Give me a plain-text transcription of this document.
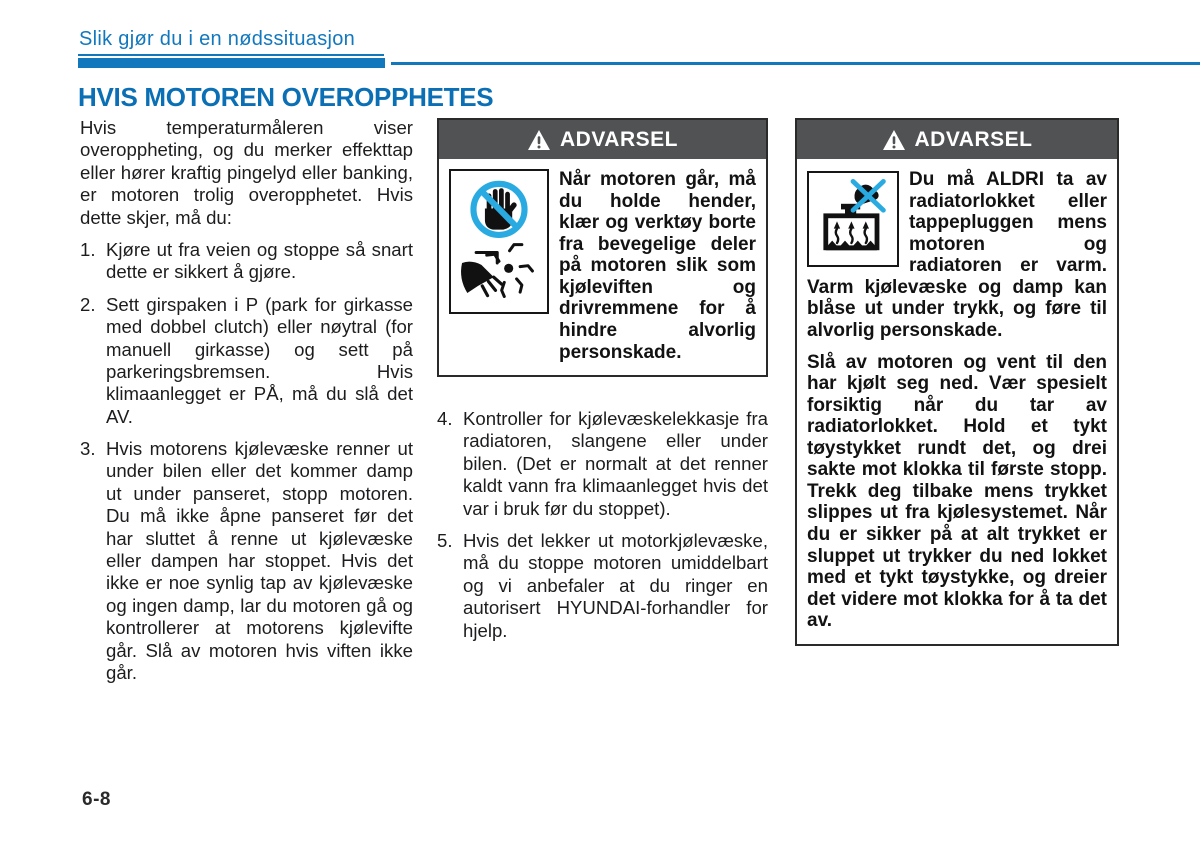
Slik gjør du i en nødssituasjon
HVIS MOTOREN OVEROPPHETES

Hvis temperaturmåleren viser overoppheting, og du merker effekttap eller hører kraftig pingelyd eller banking, er motoren trolig overopphetet. Hvis dette skjer, må du:

1. Kjøre ut fra veien og stoppe så snart dette er sikkert å gjøre.
2. Sett girspaken i P (park for girkasse med dobbel clutch) eller nøytral (for manuell girkasse) og sett på parkeringsbremsen. Hvis klimaanlegget er PÅ, må du slå det AV.
3. Hvis motorens kjølevæske renner ut under bilen eller det kommer damp ut under panseret, stopp motoren. Du må ikke åpne panseret før det har sluttet å renne ut kjølevæske eller dampen har stoppet. Hvis det ikke er noe synlig tap av kjølevæske og ingen damp, lar du motoren gå og kontrollerer at motorens kjølevifte går. Slå av motoren hvis viften ikke går.
ADVARSEL
Når motoren går, må du holde hender, klær og verktøy borte fra bevegelige deler på motoren slik som kjøleviften og drivremmene for å hindre alvorlig personskade.
4. Kontroller for kjølevæskelekkasje fra radiatoren, slangene eller under bilen. (Det er normalt at det renner kaldt vann fra klimaanlegget hvis det var i bruk før du stoppet).
5. Hvis det lekker ut motorkjølevæske, må du stoppe motoren umiddelbart og vi anbefaler at du ringer en autorisert HYUNDAI-forhandler for hjelp.
ADVARSEL

Du må ALDRI ta av radiatorlokket eller tappepluggen mens motoren og radiatoren er varm. Varm kjølevæske og damp kan blåse ut under trykk, og føre til alvorlig personskade.

Slå av motoren og vent til den har kjølt seg ned. Vær spesielt forsiktig når du tar av radiatorlokket. Hold et tykt tøystykket rundt det, og drei sakte mot klokka til første stopp. Trekk deg tilbake mens trykket slippes ut fra kjølesystemet. Når du er sikker på at alt trykket er sluppet ut trykker du ned lokket med et tykt tøystykke, og dreier det videre mot klokka for å ta det av.

6-8
